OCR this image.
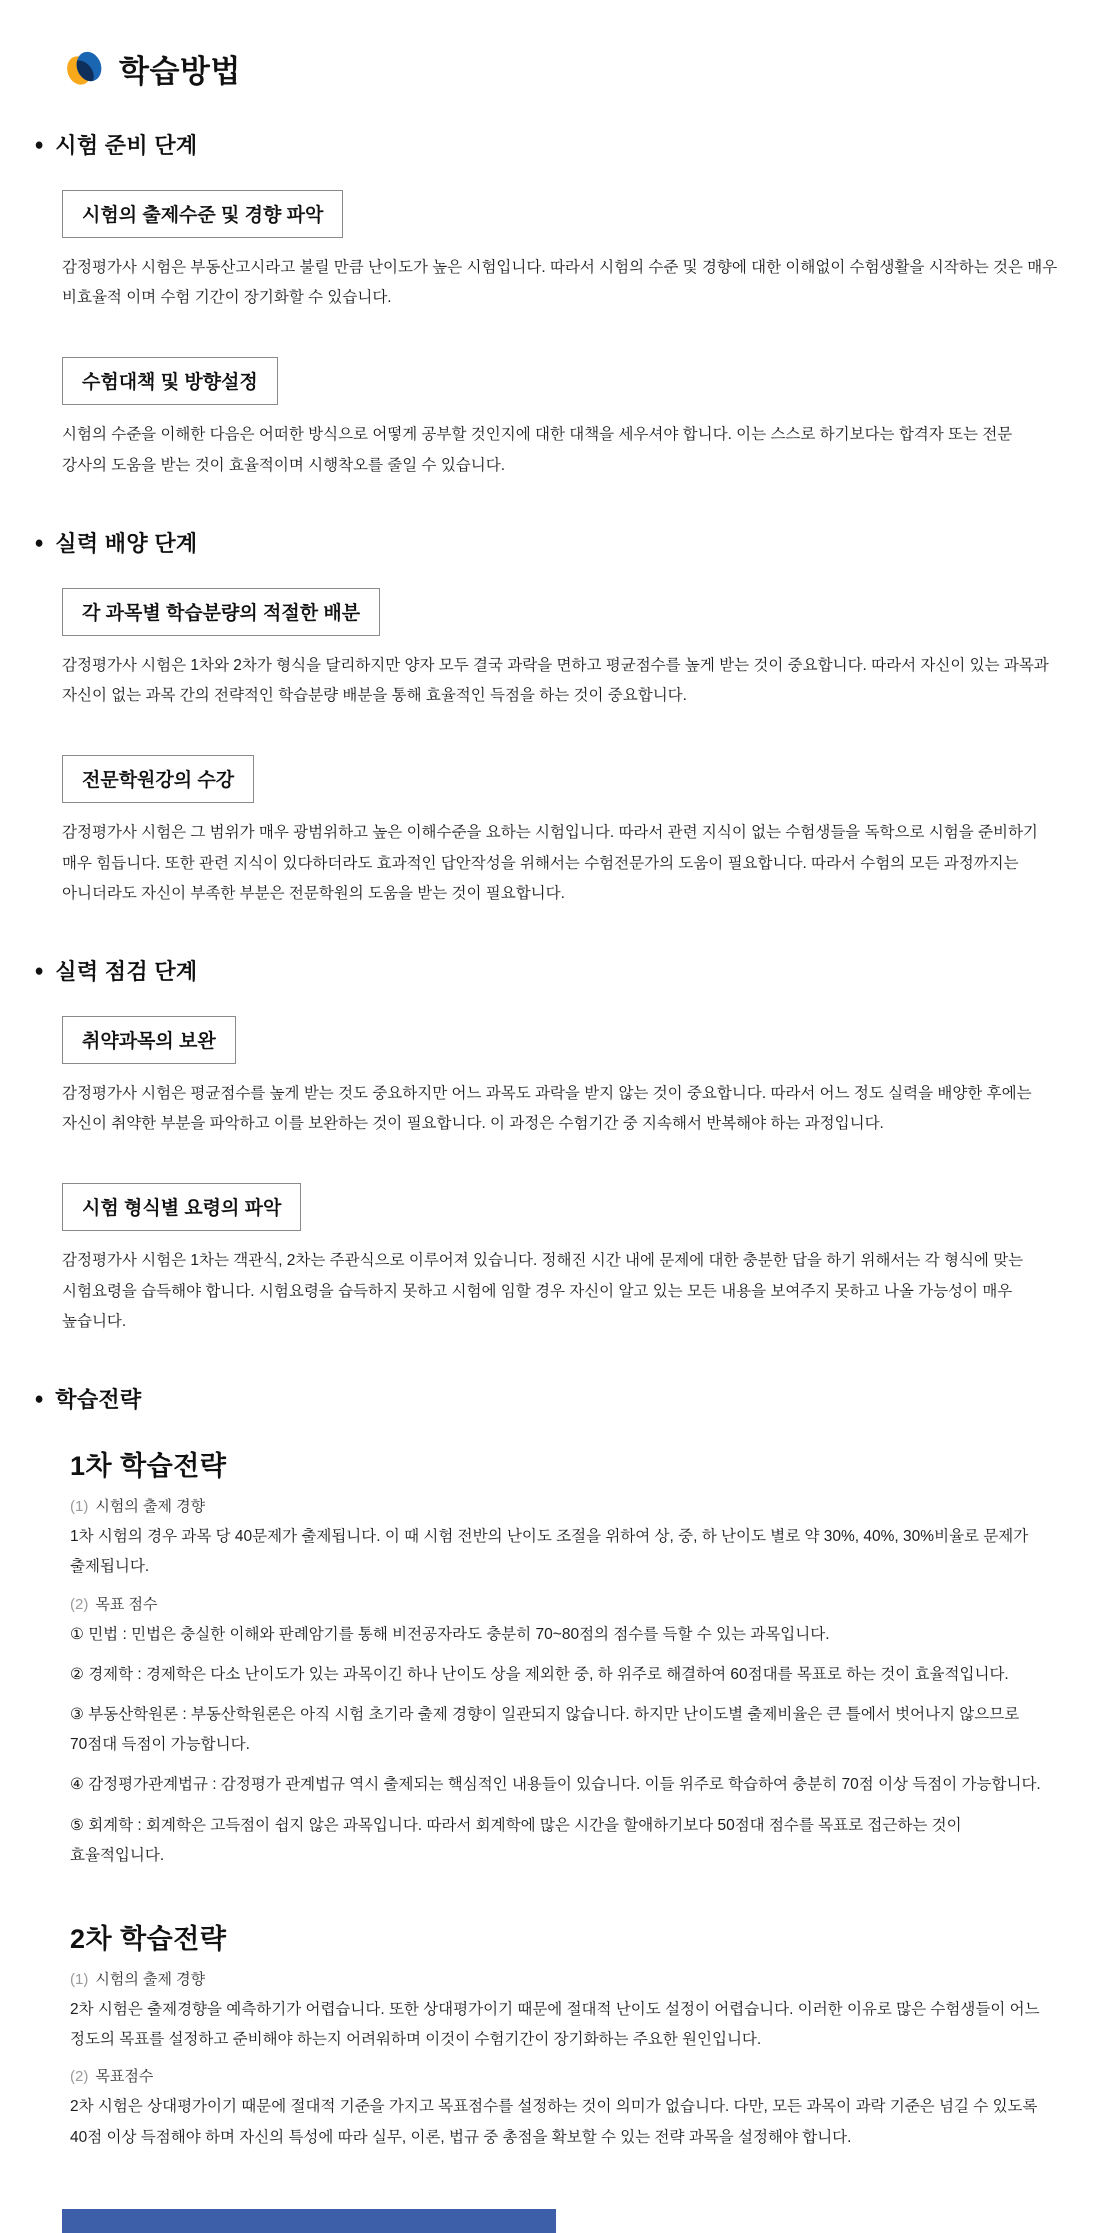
학습방법
● 시험 준비 단계
시험의 출제수준 및 경향 파악

감정평가사 시험은 부동산고시라고 불릴 만큼 난이도가 높은 시험입니다. 따라서 시험의 수준 및 경향에 대한 이해없이 수험생활을 시작하는 것은 매우 비효율적 이며 수험 기간이 장기화할 수 있습니다.

수험대책 및 방향설정

시험의 수준을 이해한 다음은 어떠한 방식으로 어떻게 공부할 것인지에 대한 대책을 세우셔야 합니다. 이는 스스로 하기보다는 합격자 또는 전문 강사의 도움을 받는 것이 효율적이며 시행착오를 줄일 수 있습니다.

● 실력 배양 단계
각 과목별 학습분량의 적절한 배분

감정평가사 시험은 1차와 2차가 형식을 달리하지만 양자 모두 결국 과락을 면하고 평균점수를 높게 받는 것이 중요합니다. 따라서 자신이 있는 과목과 자신이 없는 과목 간의 전략적인 학습분량 배분을 통해 효율적인 득점을 하는 것이 중요합니다.

전문학원강의 수강

감정평가사 시험은 그 범위가 매우 광범위하고 높은 이해수준을 요하는 시험입니다. 따라서 관련 지식이 없는 수험생들을 독학으로 시험을 준비하기 매우 힘듭니다. 또한 관련 지식이 있다하더라도 효과적인 답안작성을 위해서는 수험전문가의 도움이 필요합니다. 따라서 수험의 모든 과정까지는 아니더라도 자신이 부족한 부분은 전문학원의 도움을 받는 것이 필요합니다.

● 실력 점검 단계
취약과목의 보완

감정평가사 시험은 평균점수를 높게 받는 것도 중요하지만 어느 과목도 과락을 받지 않는 것이 중요합니다. 따라서 어느 정도 실력을 배양한 후에는 자신이 취약한 부분을 파악하고 이를 보완하는 것이 필요합니다. 이 과정은 수험기간 중 지속해서 반복해야 하는 과정입니다.

시험 형식별 요령의 파악

감정평가사 시험은 1차는 객관식, 2차는 주관식으로 이루어져 있습니다. 정해진 시간 내에 문제에 대한 충분한 답을 하기 위해서는 각 형식에 맞는 시험요령을 습득해야 합니다. 시험요령을 습득하지 못하고 시험에 임할 경우 자신이 알고 있는 모든 내용을 보여주지 못하고 나올 가능성이 매우 높습니다.

● 학습전략
1차 학습전략

(1) 시험의 출제 경향

1차 시험의 경우 과목 당 40문제가 출제됩니다. 이 때 시험 전반의 난이도 조절을 위하여 상, 중, 하 난이도 별로 약 30%, 40%, 30%비율로 문제가 출제됩니다.

(2) 목표 점수

① 민법 : 민법은 충실한 이해와 판례암기를 통해 비전공자라도 충분히 70~80점의 점수를 득할 수 있는 과목입니다.

② 경제학 : 경제학은 다소 난이도가 있는 과목이긴 하나 난이도 상을 제외한 중, 하 위주로 해결하여 60점대를 목표로 하는 것이 효율적입니다.

③ 부동산학원론 : 부동산학원론은 아직 시험 초기라 출제 경향이 일관되지 않습니다. 하지만 난이도별 출제비율은 큰 틀에서 벗어나지 않으므로 70점대 득점이 가능합니다.

④ 감정평가관계법규 : 감정평가 관계법규 역시 출제되는 핵심적인 내용들이 있습니다. 이들 위주로 학습하여 충분히 70점 이상 득점이 가능합니다.

⑤ 회계학 : 회계학은 고득점이 쉽지 않은 과목입니다. 따라서 회계학에 많은 시간을 할애하기보다 50점대 점수를 목표로 접근하는 것이 효율적입니다.

2차 학습전략

(1) 시험의 출제 경향

2차 시험은 출제경향을 예측하기가 어렵습니다. 또한 상대평가이기 때문에 절대적 난이도 설정이 어렵습니다. 이러한 이유로 많은 수험생들이 어느 정도의 목표를 설정하고 준비해야 하는지 어려워하며 이것이 수험기간이 장기화하는 주요한 원인입니다.

(2) 목표점수

2차 시험은 상대평가이기 때문에 절대적 기준을 가지고 목표점수를 설정하는 것이 의미가 없습니다. 다만, 모든 과목이 과락 기준은 넘길 수 있도록 40점 이상 득점해야 하며 자신의 특성에 따라 실무, 이론, 법규 중 총점을 확보할 수 있는 전략 과목을 설정해야 합니다.
